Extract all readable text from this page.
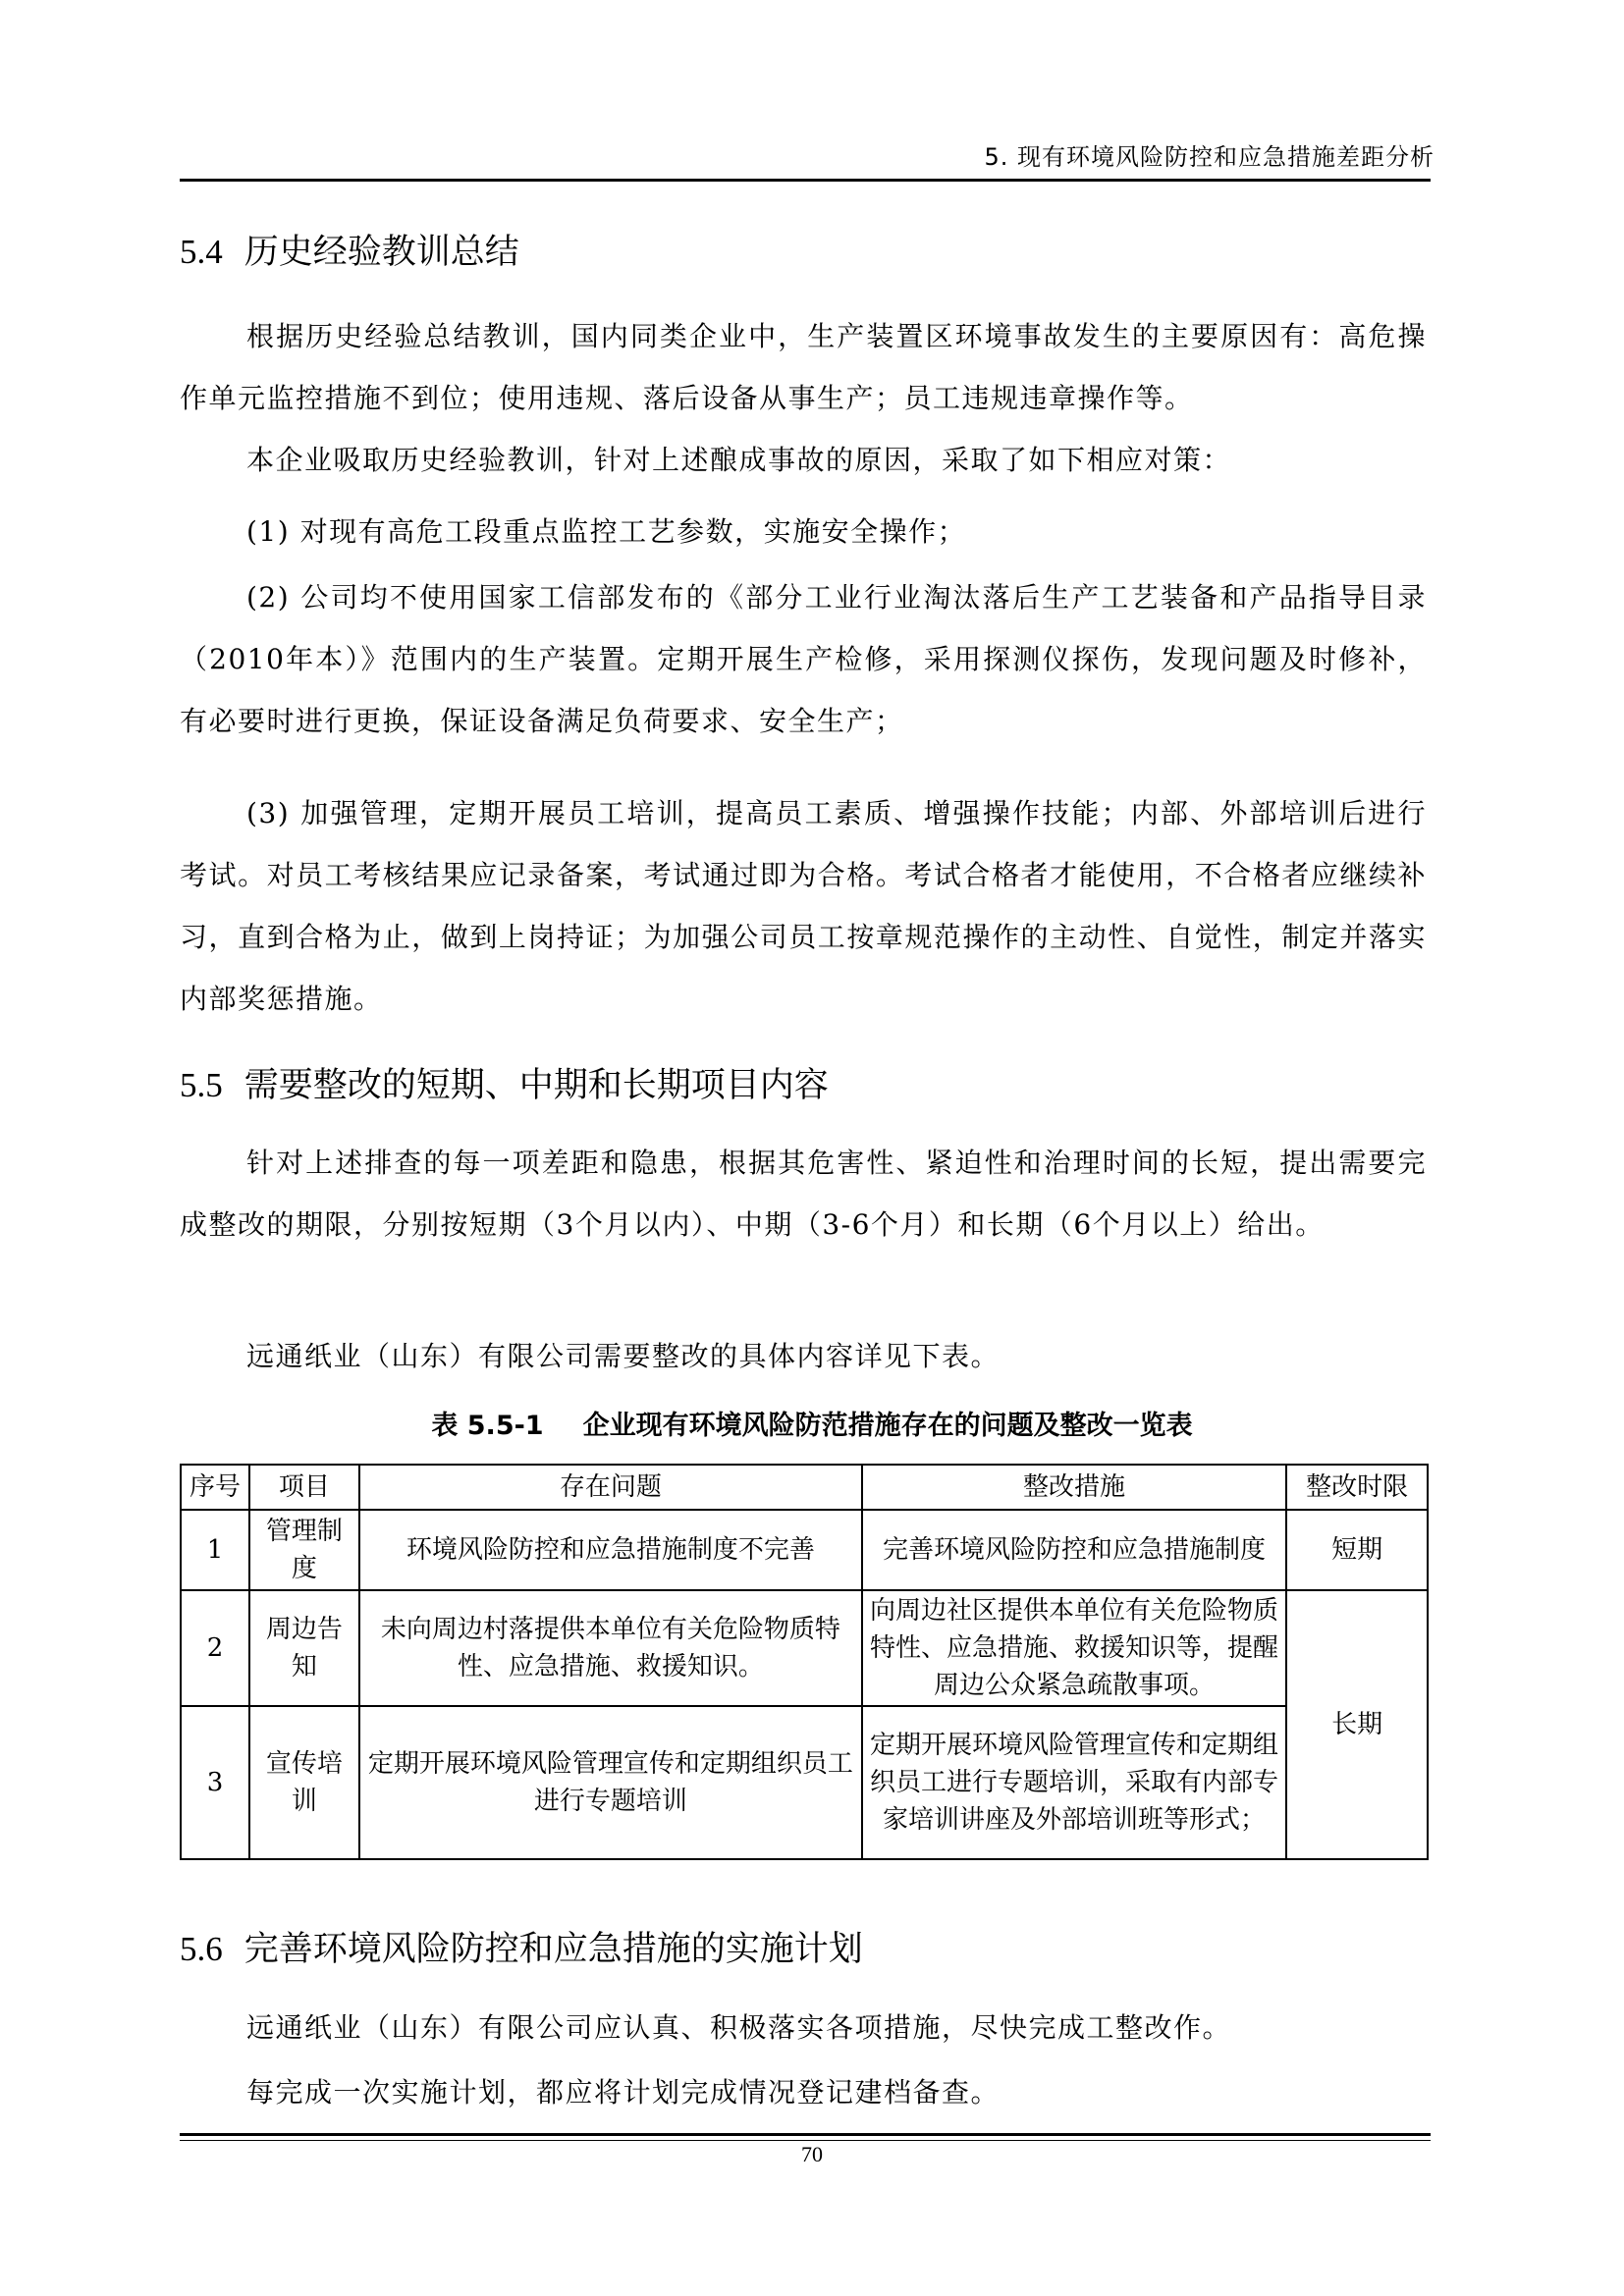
5. 现有环境风险防控和应急措施差距分析
5.4 历史经验教训总结
根据历史经验总结教训，国内同类企业中，生产装置区环境事故发生的主要原因有：高危操作单元监控措施不到位；使用违规、落后设备从事生产；员工违规违章操作等。
本企业吸取历史经验教训，针对上述酿成事故的原因，采取了如下相应对策：
(1) 对现有高危工段重点监控工艺参数，实施安全操作；
(2) 公司均不使用国家工信部发布的《部分工业行业淘汰落后生产工艺装备和产品指导目录（2010年本）》范围内的生产装置。定期开展生产检修，采用探测仪探伤，发现问题及时修补，有必要时进行更换，保证设备满足负荷要求、安全生产；
(3) 加强管理，定期开展员工培训，提高员工素质、增强操作技能；内部、外部培训后进行考试。对员工考核结果应记录备案，考试通过即为合格。考试合格者才能使用，不合格者应继续补习，直到合格为止，做到上岗持证；为加强公司员工按章规范操作的主动性、自觉性，制定并落实内部奖惩措施。
5.5 需要整改的短期、中期和长期项目内容
针对上述排查的每一项差距和隐患，根据其危害性、紧迫性和治理时间的长短，提出需要完成整改的期限，分别按短期（3个月以内）、中期（3-6个月）和长期（6个月以上）给出。
远通纸业（山东）有限公司需要整改的具体内容详见下表。
表 5.5-1 企业现有环境风险防范措施存在的问题及整改一览表
序号	项目	存在问题	整改措施	整改时限
1	管理制度	环境风险防控和应急措施制度不完善	完善环境风险防控和应急措施制度	短期
2	周边告知	未向周边村落提供本单位有关危险物质特性、应急措施、救援知识。	向周边社区提供本单位有关危险物质特性、应急措施、救援知识等，提醒周边公众紧急疏散事项。	长期
3	宣传培训	定期开展环境风险管理宣传和定期组织员工进行专题培训	定期开展环境风险管理宣传和定期组织员工进行专题培训，采取有内部专家培训讲座及外部培训班等形式；	
5.6 完善环境风险防控和应急措施的实施计划
远通纸业（山东）有限公司应认真、积极落实各项措施，尽快完成工整改作。
每完成一次实施计划，都应将计划完成情况登记建档备查。
70
